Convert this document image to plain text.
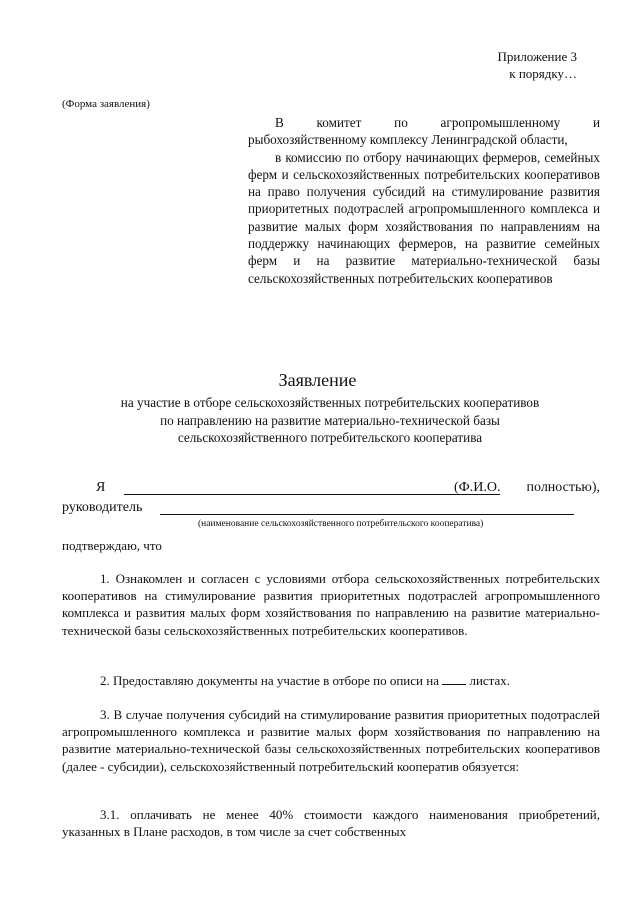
Приложение 3
к порядку…
(Форма заявления)

В комитет по агропромышленному и рыбохозяйственному комплексу Ленинградской области,

в комиссию по отбору начинающих фермеров, семейных ферм и сельскохозяйственных потребительских кооперативов на право получения субсидий на стимулирование развития приоритетных подотраслей агропромышленного комплекса и развитие малых форм хозяйствования по направлениям на поддержку начинающих фермеров, на развитие семейных ферм и на развитие материально-технической базы сельскохозяйственных потребительских кооперативов

Заявление
на участие в отборе сельскохозяйственных потребительских кооперативов
по направлению на развитие материально-технической базы
сельскохозяйственного потребительского кооператива
Я	(Ф.И.О. полностью),
руководитель
(наименование сельскохозяйственного потребительского кооператива)
подтверждаю, что

1. Ознакомлен и согласен с условиями отбора сельскохозяйственных потребительских кооперативов на стимулирование развития приоритетных подотраслей агропромышленного комплекса и развития малых форм хозяйствования по направлению на развитие материально-технической базы сельскохозяйственных потребительских кооперативов.

2. Предоставляю документы на участие в отборе по описи на листах.

3. В случае получения субсидий на стимулирование развития приоритетных подотраслей агропромышленного комплекса и развитие малых форм хозяйствования по направлению на развитие материально-технической базы сельскохозяйственных потребительских кооперативов (далее - субсидии), сельскохозяйственный потребительский кооператив обязуется:

3.1. оплачивать не менее 40% стоимости каждого наименования приобретений, указанных в Плане расходов, в том числе за счет собственных
